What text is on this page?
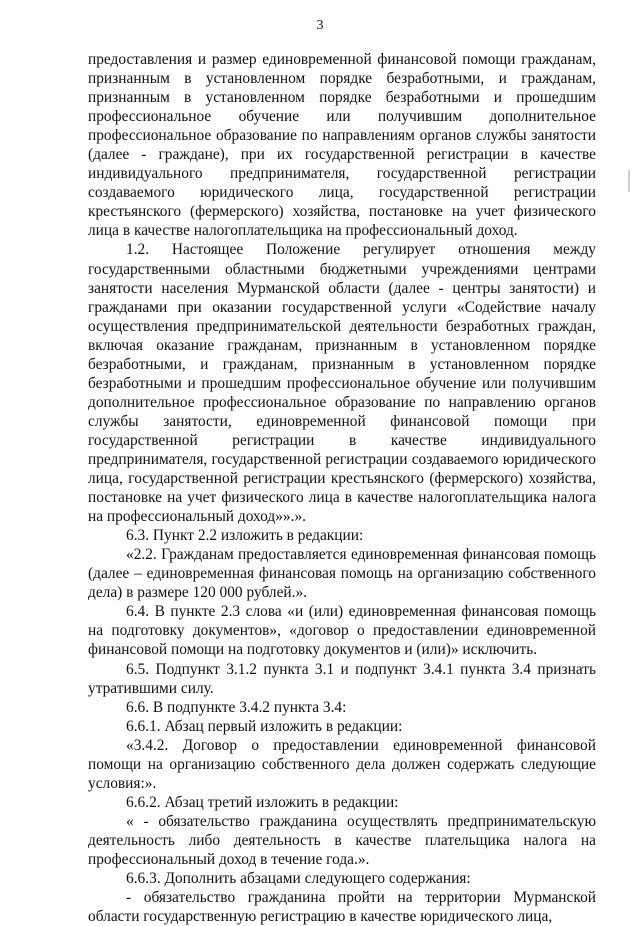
3

предоставления и размер единовременной финансовой помощи гражданам, признанным в установленном порядке безработными, и гражданам, признанным в установленном порядке безработными и прошедшим профессиональное обучение или получившим дополнительное профессиональное образование по направлениям органов службы занятости (далее - граждане), при их государственной регистрации в качестве индивидуального предпринимателя, государственной регистрации создаваемого юридического лица, государственной регистрации крестьянского (фермерского) хозяйства, постановке на учет физического лица в качестве налогоплательщика на профессиональный доход.

1.2. Настоящее Положение регулирует отношения между государственными областными бюджетными учреждениями центрами занятости населения Мурманской области (далее - центры занятости) и гражданами при оказании государственной услуги «Содействие началу осуществления предпринимательской деятельности безработных граждан, включая оказание гражданам, признанным в установленном порядке безработными, и гражданам, признанным в установленном порядке безработными и прошедшим профессиональное обучение или получившим дополнительное профессиональное образование по направлению органов службы занятости, единовременной финансовой помощи при государственной регистрации в качестве индивидуального предпринимателя, государственной регистрации создаваемого юридического лица, государственной регистрации крестьянского (фермерского) хозяйства, постановке на учет физического лица в качестве налогоплательщика налога на профессиональный доход»».».

6.3. Пункт 2.2 изложить в редакции:

«2.2. Гражданам предоставляется единовременная финансовая помощь (далее – единовременная финансовая помощь на организацию собственного дела) в размере 120 000 рублей.».

6.4. В пункте 2.3 слова «и (или) единовременная финансовая помощь на подготовку документов», «договор о предоставлении единовременной финансовой помощи на подготовку документов и (или)» исключить.

6.5. Подпункт 3.1.2 пункта 3.1 и подпункт 3.4.1 пункта 3.4 признать утратившими силу.

6.6. В подпункте 3.4.2 пункта 3.4:

6.6.1. Абзац первый изложить в редакции:

«3.4.2. Договор о предоставлении единовременной финансовой помощи на организацию собственного дела должен содержать следующие условия:».

6.6.2. Абзац третий изложить в редакции:

« - обязательство гражданина осуществлять предпринимательскую деятельность либо деятельность в качестве плательщика налога на профессиональный доход в течение года.».

6.6.3. Дополнить абзацами следующего содержания:

- обязательство гражданина пройти на территории Мурманской области государственную регистрацию в качестве юридического лица,
